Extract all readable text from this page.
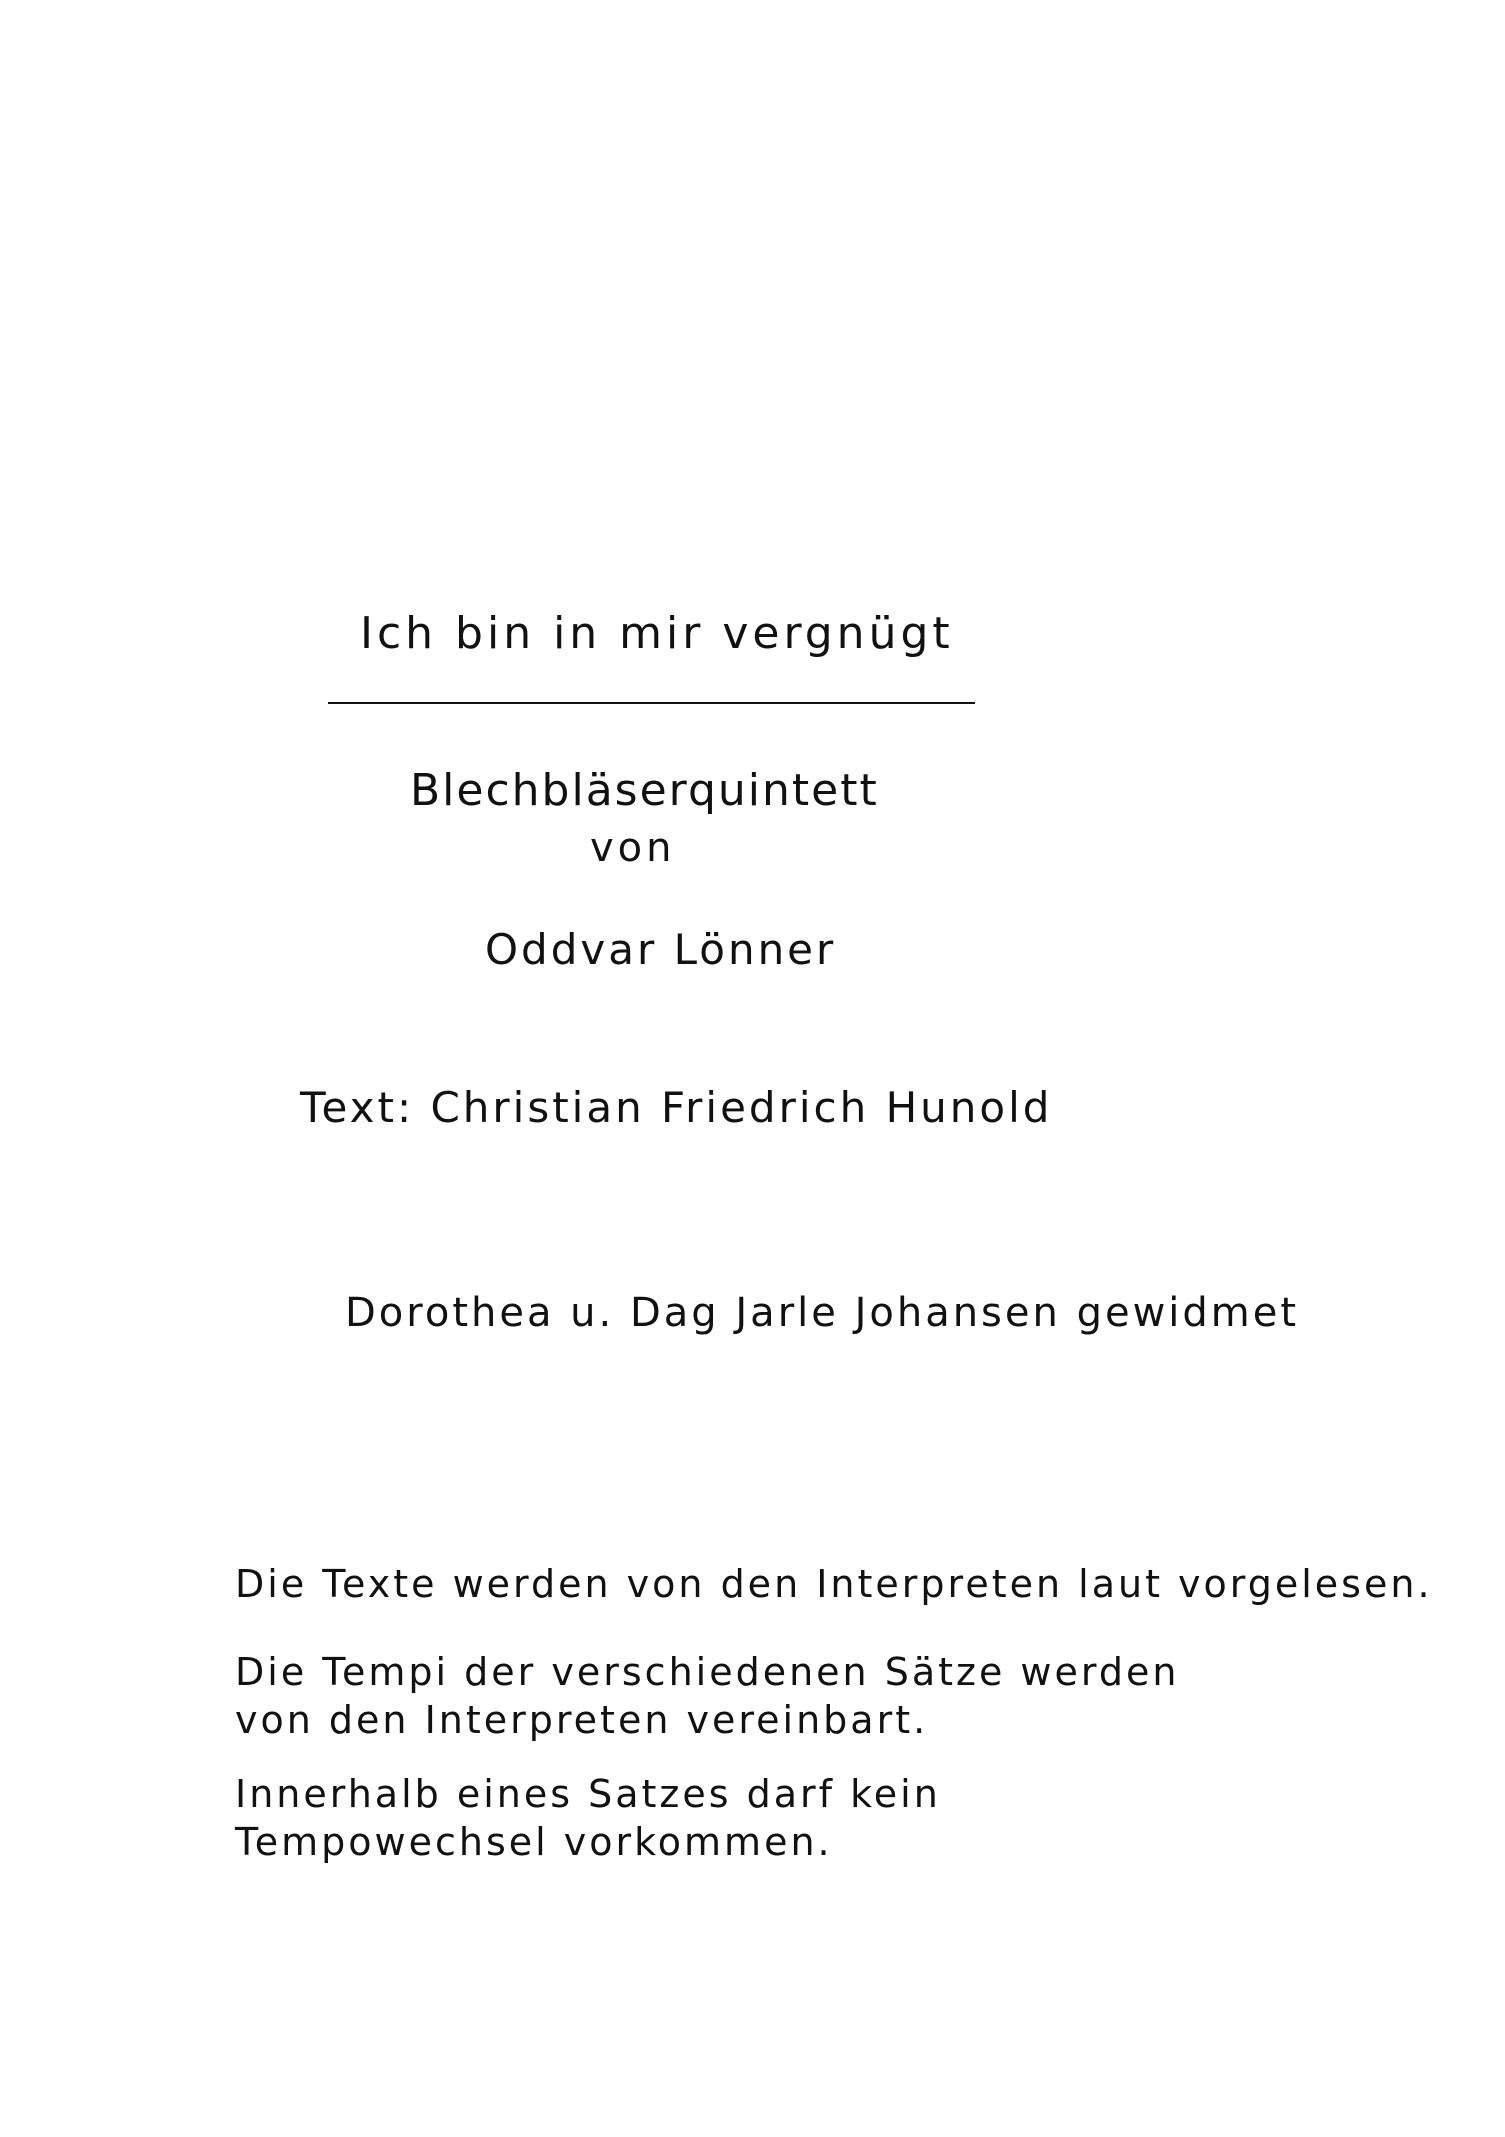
Ich bin in mir vergnügt
Blechbläserquintett
von
Oddvar Lönner
Text: Christian Friedrich Hunold
Dorothea u. Dag Jarle Johansen gewidmet
Die Texte werden von den Interpreten laut vorgelesen.
Die Tempi der verschiedenen Sätze werden von den Interpreten vereinbart.
Innerhalb eines Satzes darf kein Tempowechsel vorkommen.
